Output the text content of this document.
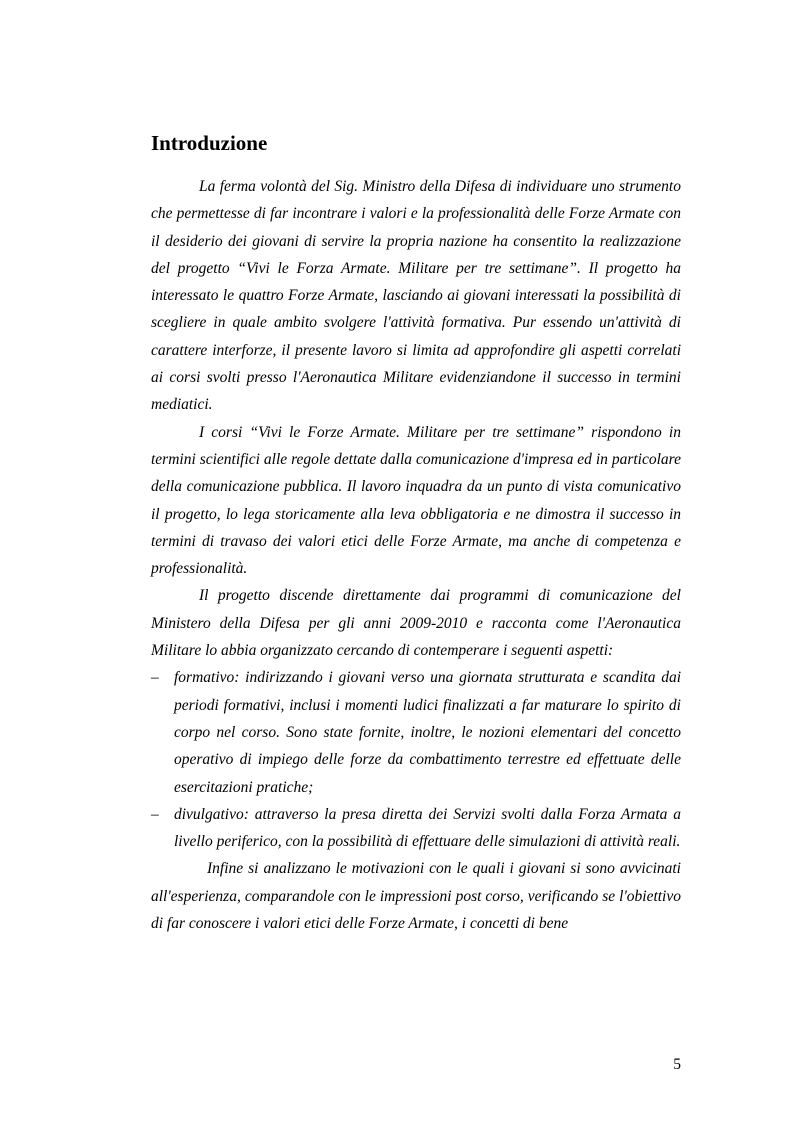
Introduzione

La ferma volontà del Sig. Ministro della Difesa di individuare uno strumento che permettesse di far incontrare i valori e la professionalità delle Forze Armate con il desiderio dei giovani di servire la propria nazione ha consentito la realizzazione del progetto “Vivi le Forza Armate. Militare per tre settimane”. Il progetto ha interessato le quattro Forze Armate, lasciando ai giovani interessati la possibilità di scegliere in quale ambito svolgere l'attività formativa. Pur essendo un'attività di carattere interforze, il presente lavoro si limita ad approfondire gli aspetti correlati ai corsi svolti presso l'Aeronautica Militare evidenziandone il successo in termini mediatici.

I corsi “Vivi le Forze Armate. Militare per tre settimane” rispondono in termini scientifici alle regole dettate dalla comunicazione d'impresa ed in particolare della comunicazione pubblica. Il lavoro inquadra da un punto di vista comunicativo il progetto, lo lega storicamente alla leva obbligatoria e ne dimostra il successo in termini di travaso dei valori etici delle Forze Armate, ma anche di competenza e professionalità.

Il progetto discende direttamente dai programmi di comunicazione del Ministero della Difesa per gli anni 2009-2010 e racconta come l'Aeronautica Militare lo abbia organizzato cercando di contemperare i seguenti aspetti:

– formativo: indirizzando i giovani verso una giornata strutturata e scandita dai periodi formativi, inclusi i momenti ludici finalizzati a far maturare lo spirito di corpo nel corso. Sono state fornite, inoltre, le nozioni elementari del concetto operativo di impiego delle forze da combattimento terrestre ed effettuate delle esercitazioni pratiche;
– divulgativo: attraverso la presa diretta dei Servizi svolti dalla Forza Armata a livello periferico, con la possibilità di effettuare delle simulazioni di attività reali.

Infine si analizzano le motivazioni con le quali i giovani si sono avvicinati all'esperienza, comparandole con le impressioni post corso, verificando se l'obiettivo di far conoscere i valori etici delle Forze Armate, i concetti di bene

5
